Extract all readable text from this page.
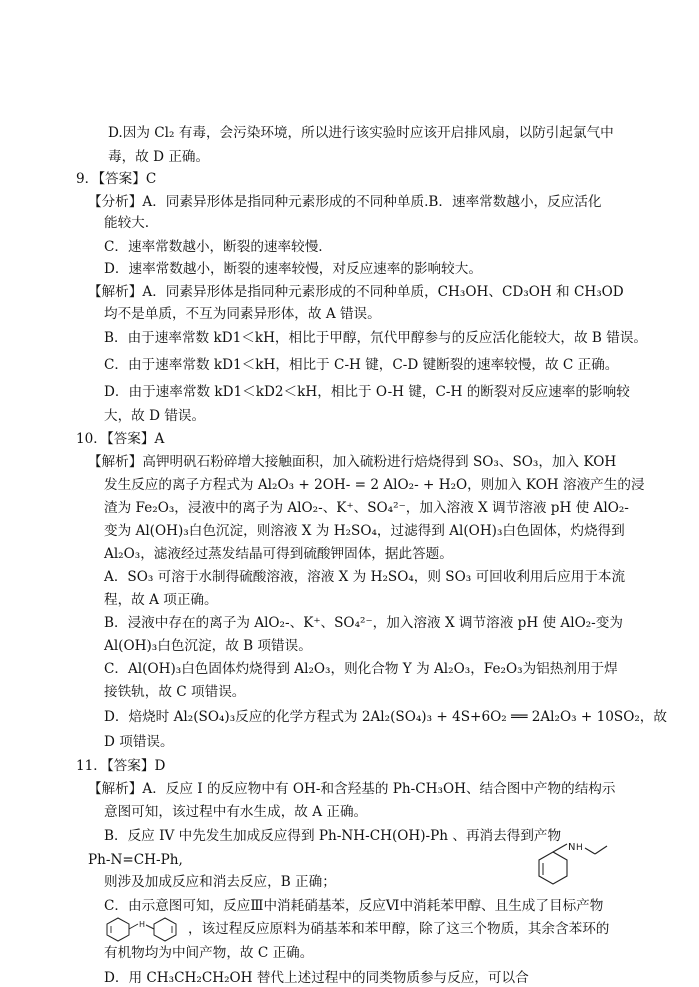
D.因为 Cl₂ 有毒，会污染环境，所以进行该实验时应该开启排风扇，以防引起氯气中
毒，故 D 正确。
9．【答案】C
【分析】A．同素异形体是指同种元素形成的不同种单质.B．速率常数越小，反应活化
能较大.
C．速率常数越小，断裂的速率较慢.
D．速率常数越小，断裂的速率较慢，对反应速率的影响较大。
【解析】A．同素异形体是指同种元素形成的不同种单质，CH₃OH、CD₃OH 和 CH₃OD
均不是单质，不互为同素异形体，故 A 错误。
B．由于速率常数 kD1＜kH，相比于甲醇，氘代甲醇参与的反应活化能较大，故 B 错误。
C．由于速率常数 kD1＜kH，相比于 C-H 键，C-D 键断裂的速率较慢，故 C 正确。
D．由于速率常数 kD1＜kD2＜kH，相比于 O-H 键，C-H 的断裂对反应速率的影响较
大，故 D 错误。
10．【答案】A
【解析】高钾明矾石粉碎增大接触面积，加入硫粉进行焙烧得到 SO₃、SO₃，加入 KOH
发生反应的离子方程式为 Al₂O₃ + 2OH- = 2 AlO₂- + H₂O，则加入 KOH 溶液产生的浸
渣为 Fe₂O₃，浸液中的离子为 AlO₂-、K⁺、SO₄²⁻，加入溶液 X 调节溶液 pH 使 AlO₂-
变为 Al(OH)₃白色沉淀，则溶液 X 为 H₂SO₄，过滤得到 Al(OH)₃白色固体，灼烧得到
Al₂O₃，滤液经过蒸发结晶可得到硫酸钾固体，据此答题。
A．SO₃ 可溶于水制得硫酸溶液，溶液 X 为 H₂SO₄，则 SO₃ 可回收利用后应用于本流
程，故 A 项正确。
B．浸液中存在的离子为 AlO₂-、K⁺、SO₄²⁻，加入溶液 X 调节溶液 pH 使 AlO₂-变为
Al(OH)₃白色沉淀，故 B 项错误。
C．Al(OH)₃白色固体灼烧得到 Al₂O₃，则化合物 Y 为 Al₂O₃，Fe₂O₃为铝热剂用于焊
接铁轨，故 C 项错误。
D．焙烧时 Al₂(SO₄)₃反应的化学方程式为 2Al₂(SO₄)₃ + 4S+6O₂ ══ 2Al₂O₃ + 10SO₂，故
D 项错误。
11．【答案】D
【解析】A．反应 I 的反应物中有 OH-和含羟基的 Ph-CH₃OH、结合图中产物的结构示
意图可知，该过程中有水生成，故 A 正确。
B．反应 IV 中先发生加成反应得到 Ph-NH-CH(OH)-Ph 、再消去得到产物
Ph-N=CH-Ph,
则涉及加成反应和消去反应，B 正确；
C．由示意图可知，反应Ⅲ中消耗硝基苯，反应Ⅵ中消耗苯甲醇、且生成了目标产物
H	，该过程反应原料为硝基苯和苯甲醇，除了这三个物质，其余含苯环的
有机物均为中间产物，故 C 正确。
D．用 CH₃CH₂CH₂OH 替代上述过程中的同类物质参与反应，可以合
N H
